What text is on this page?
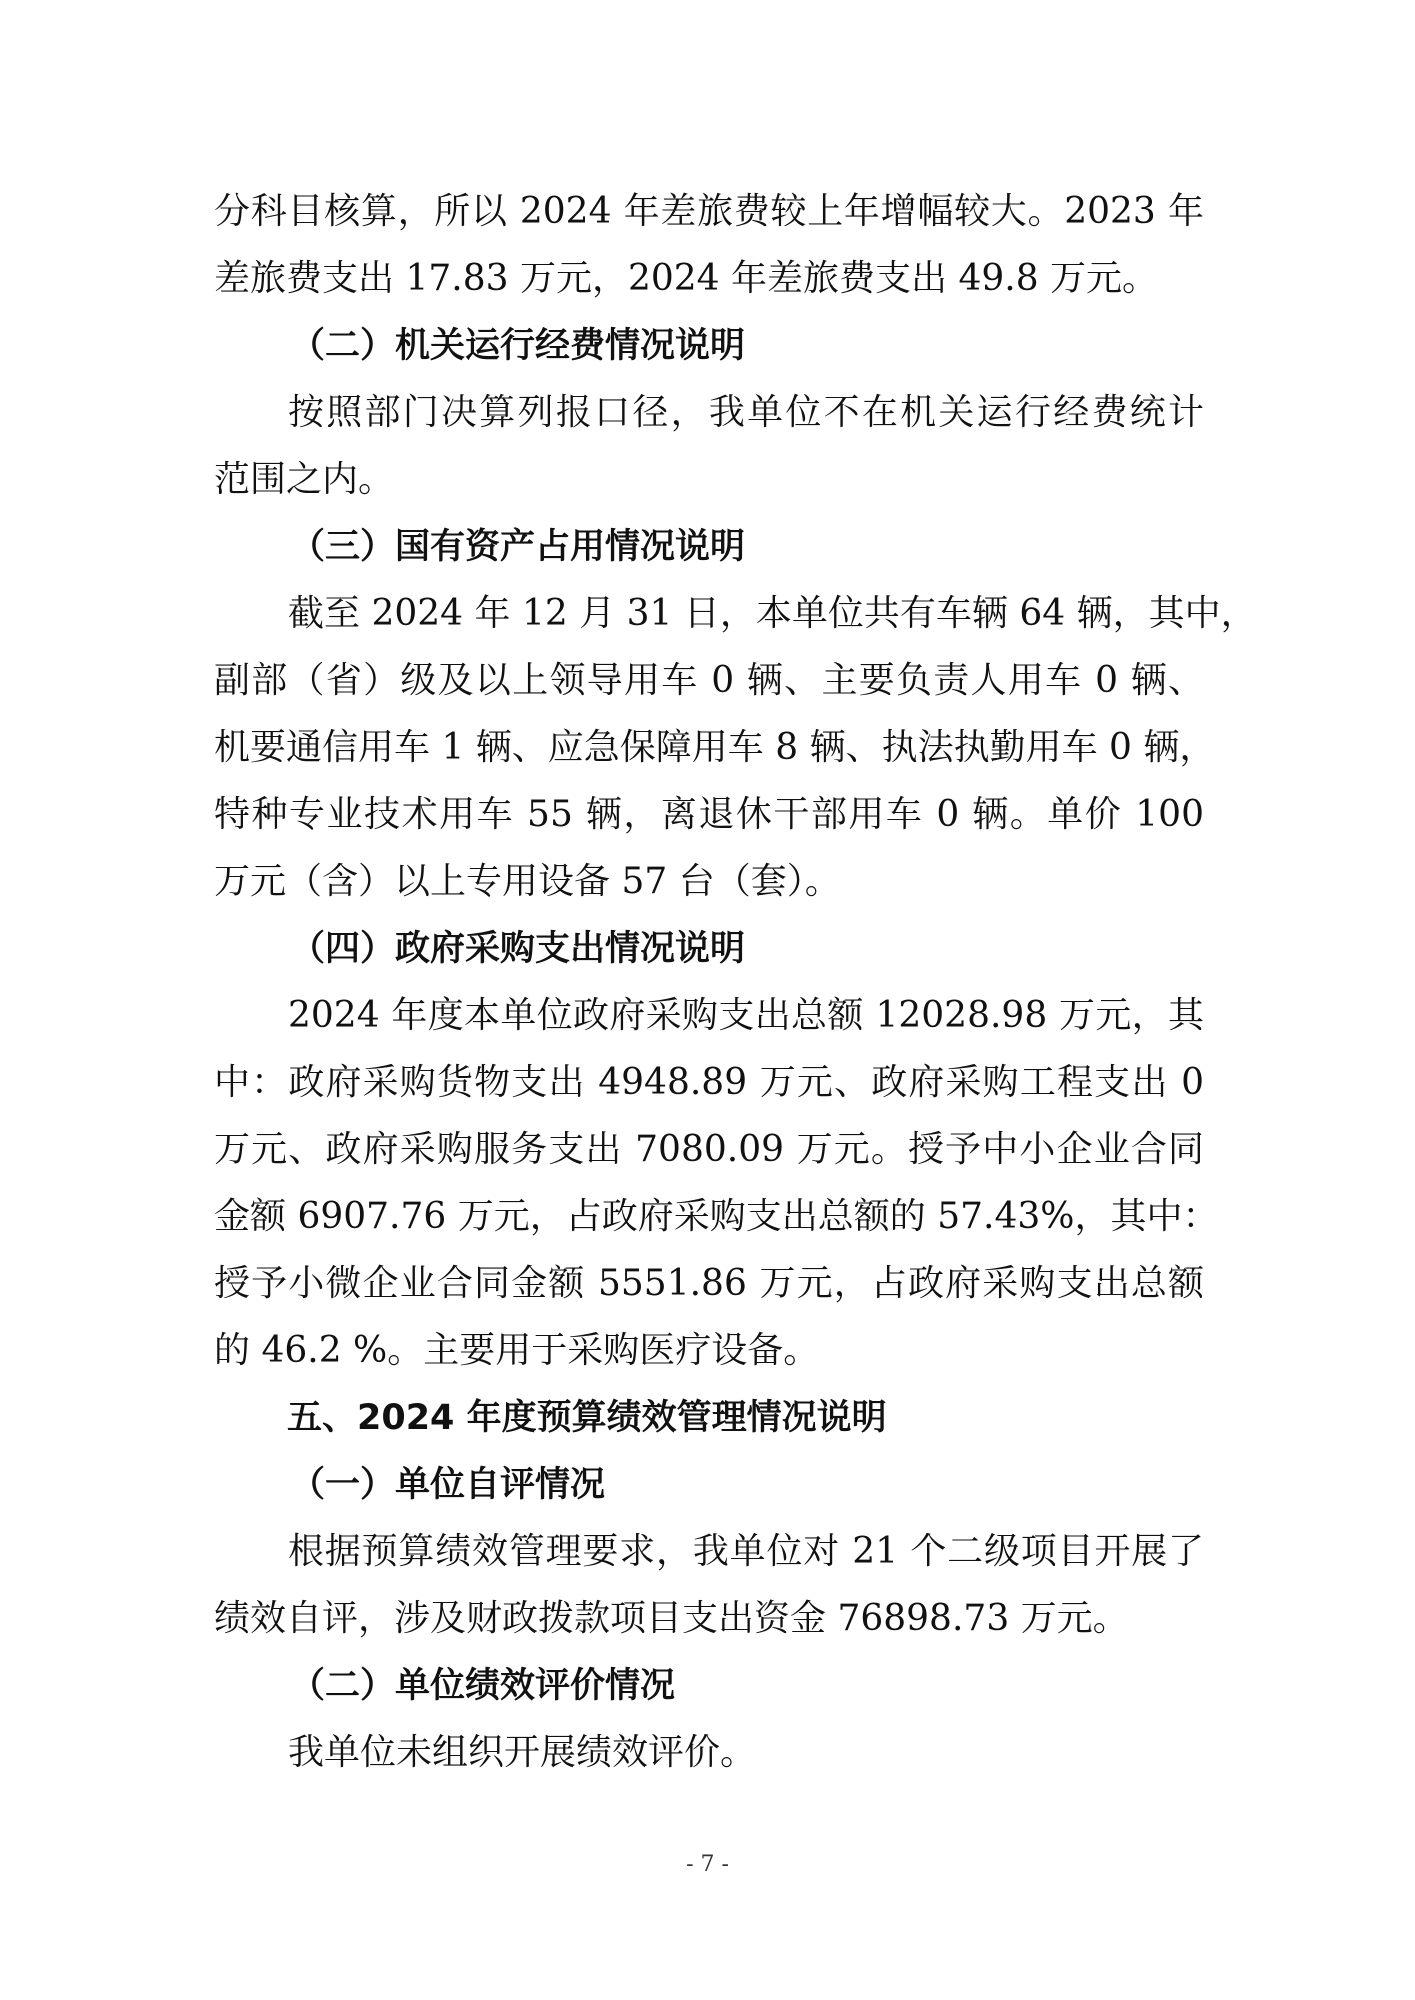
分科目核算，所以 2024 年差旅费较上年增幅较大。2023 年
差旅费支出 17.83 万元，2024 年差旅费支出 49.8 万元。
（二）机关运行经费情况说明
按照部门决算列报口径，我单位不在机关运行经费统计
范围之内。
（三）国有资产占用情况说明
截至 2024 年 12 月 31 日，本单位共有车辆 64 辆，其中，
副部（省）级及以上领导用车 0 辆、主要负责人用车 0 辆、
机要通信用车 1 辆、应急保障用车 8 辆、执法执勤用车 0 辆，
特种专业技术用车 55 辆，离退休干部用车 0 辆。单价 100
万元（含）以上专用设备 57 台（套）。
（四）政府采购支出情况说明
2024 年度本单位政府采购支出总额 12028.98 万元，其
中：政府采购货物支出 4948.89 万元、政府采购工程支出 0
万元、政府采购服务支出 7080.09 万元。授予中小企业合同
金额 6907.76 万元，占政府采购支出总额的 57.43%，其中：
授予小微企业合同金额 5551.86 万元，占政府采购支出总额
的 46.2 %。主要用于采购医疗设备。
五、2024 年度预算绩效管理情况说明
（一）单位自评情况
根据预算绩效管理要求，我单位对 21 个二级项目开展了
绩效自评，涉及财政拨款项目支出资金 76898.73 万元。
（二）单位绩效评价情况
我单位未组织开展绩效评价。
- 7 -
